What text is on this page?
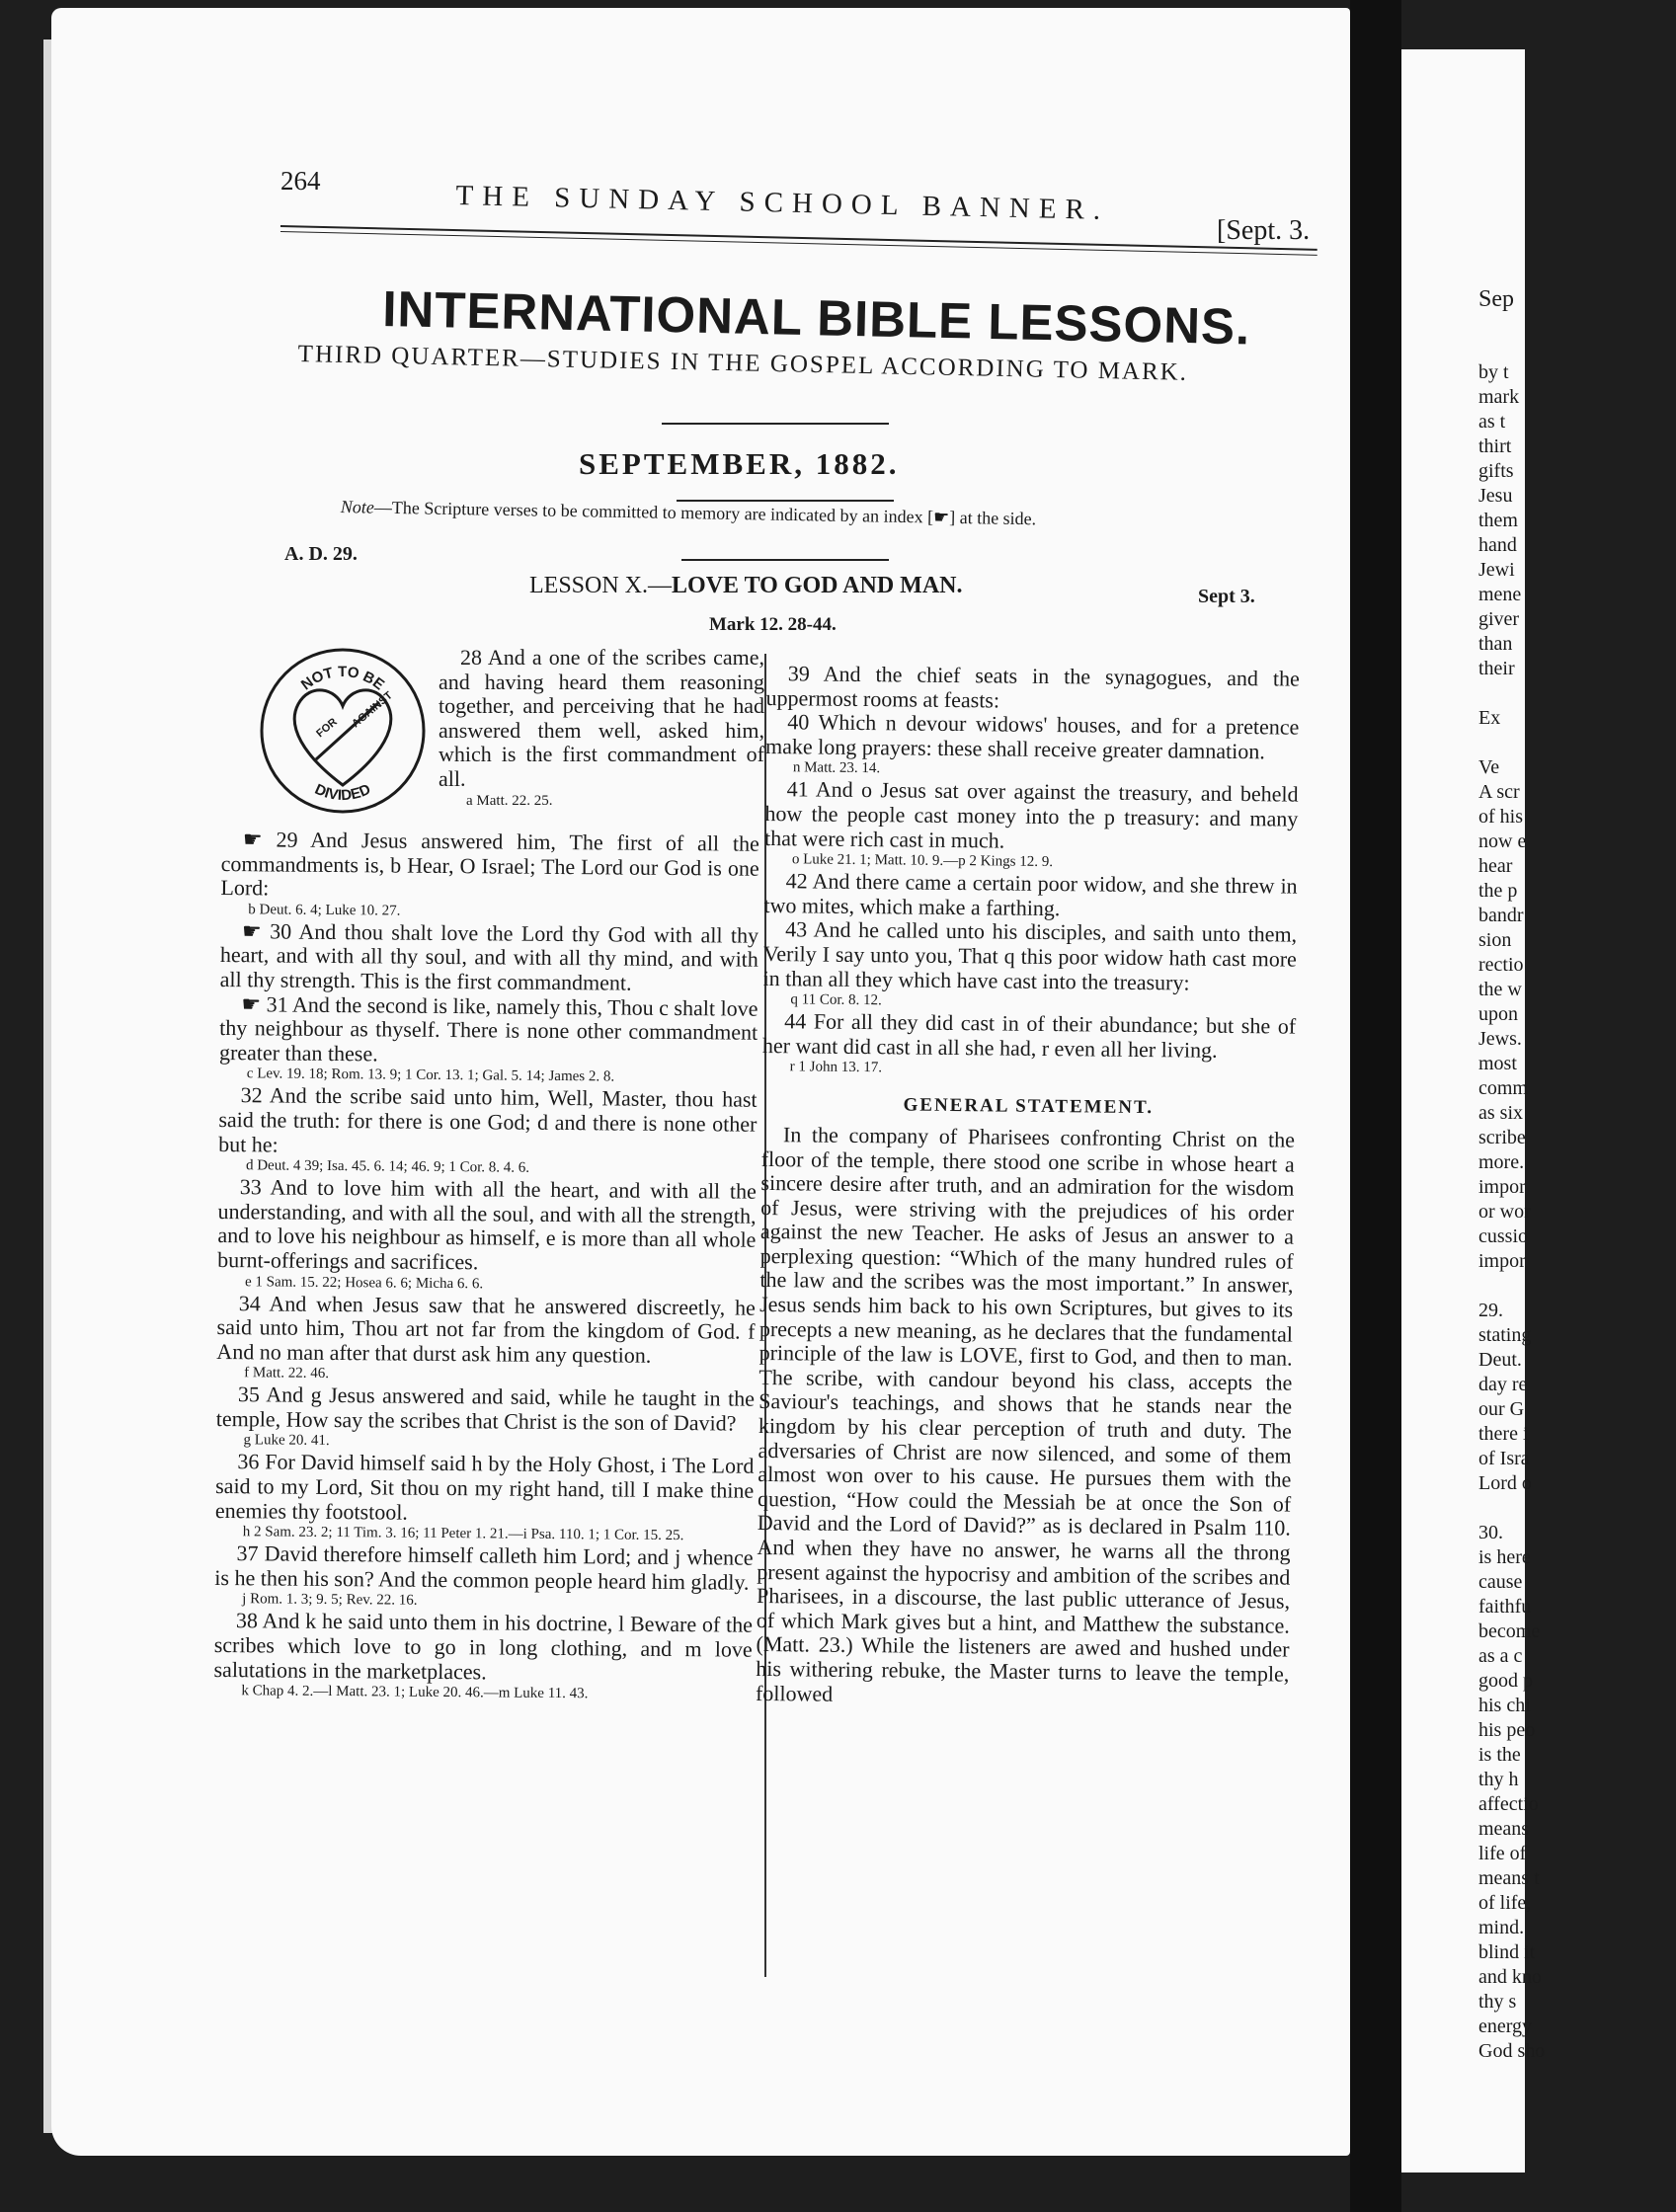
264	THE SUNDAY SCHOOL BANNER.
[Sept. 3.
INTERNATIONAL BIBLE LESSONS.
THIRD QUARTER—STUDIES IN THE GOSPEL ACCORDING TO MARK.
SEPTEMBER, 1882.
Note—The Scripture verses to be committed to memory are indicated by an index [☛] at the side.
A. D. 29.
LESSON X.—LOVE TO GOD AND MAN.	Sept 3.
Mark 12. 28-44.
NOT TO BE
DIVIDED
FOR AGAINST

28 And a one of the scribes came, and having heard them reasoning together, and perceiving that he had answered them well, asked him, which is the first commandment of all.

a Matt. 22. 25.

☛ 29 And Jesus answered him, The first of all the commandments is, b Hear, O Israel; The Lord our God is one Lord:

b Deut. 6. 4; Luke 10. 27.

☛ 30 And thou shalt love the Lord thy God with all thy heart, and with all thy soul, and with all thy mind, and with all thy strength. This is the first commandment.

☛ 31 And the second is like, namely this, Thou c shalt love thy neighbour as thyself. There is none other commandment greater than these.

c Lev. 19. 18; Rom. 13. 9; 1 Cor. 13. 1; Gal. 5. 14; James 2. 8.

32 And the scribe said unto him, Well, Master, thou hast said the truth: for there is one God; d and there is none other but he:

d Deut. 4 39; Isa. 45. 6. 14; 46. 9; 1 Cor. 8. 4. 6.

33 And to love him with all the heart, and with all the understanding, and with all the soul, and with all the strength, and to love his neighbour as himself, e is more than all whole burnt-offerings and sacrifices.

e 1 Sam. 15. 22; Hosea 6. 6; Micha 6. 6.

34 And when Jesus saw that he answered discreetly, he said unto him, Thou art not far from the kingdom of God. f And no man after that durst ask him any question.

f Matt. 22. 46.

35 And g Jesus answered and said, while he taught in the temple, How say the scribes that Christ is the son of David?

g Luke 20. 41.

36 For David himself said h by the Holy Ghost, i The Lord said to my Lord, Sit thou on my right hand, till I make thine enemies thy footstool.

h 2 Sam. 23. 2; 11 Tim. 3. 16; 11 Peter 1. 21.—i Psa. 110. 1; 1 Cor. 15. 25.

37 David therefore himself calleth him Lord; and j whence is he then his son? And the common people heard him gladly.

j Rom. 1. 3; 9. 5; Rev. 22. 16.

38 And k he said unto them in his doctrine, l Beware of the scribes which love to go in long clothing, and m love salutations in the marketplaces.

k Chap 4. 2.—l Matt. 23. 1; Luke 20. 46.—m Luke 11. 43.

39 And the chief seats in the synagogues, and the uppermost rooms at feasts:

40 Which n devour widows' houses, and for a pretence make long prayers: these shall receive greater damnation.

n Matt. 23. 14.

41 And o Jesus sat over against the treasury, and beheld how the people cast money into the p treasury: and many that were rich cast in much.

o Luke 21. 1; Matt. 10. 9.—p 2 Kings 12. 9.

42 And there came a certain poor widow, and she threw in two mites, which make a farthing.

43 And he called unto his disciples, and saith unto them, Verily I say unto you, That q this poor widow hath cast more in than all they which have cast into the treasury:

q 11 Cor. 8. 12.

44 For all they did cast in of their abundance; but she of her want did cast in all she had, r even all her living.

r 1 John 13. 17.

GENERAL STATEMENT.

In the company of Pharisees confronting Christ on the floor of the temple, there stood one scribe in whose heart a sincere desire after truth, and an admiration for the wisdom of Jesus, were striving with the prejudices of his order against the new Teacher. He asks of Jesus an answer to a perplexing question: “Which of the many hundred rules of the law and the scribes was the most important.” In answer, Jesus sends him back to his own Scriptures, but gives to its precepts a new meaning, as he declares that the fundamental principle of the law is LOVE, first to God, and then to man. The scribe, with candour beyond his class, accepts the Saviour's teachings, and shows that he stands near the kingdom by his clear perception of truth and duty. The adversaries of Christ are now silenced, and some of them almost won over to his cause. He pursues them with the question, “How could the Messiah be at once the Son of David and the Lord of David?” as is declared in Psalm 110. And when they have no answer, he warns all the throng present against the hypocrisy and ambition of the scribes and Pharisees, in a discourse, the last public utterance of Jesus, of which Mark gives but a hint, and Matthew the substance. (Matt. 23.) While the listeners are awed and hushed under his withering rebuke, the Master turns to leave the temple, followed

Sep
by t
mark
as t
thirt
gifts
Jesu
them
hand
Jewi
mene
giver
than
their
Ex
Ve
A scr
of his
now e
hear
the p
bandr
sion
rectio
the w
upon
Jews.
most
comm
as six
scribe
more.
impor
or wor
cussio
impor
29.
stating
Deut.
day re
our G
there i
of Isra
Lord o
30.
is here
cause
faithfu
become
as a c
good p
his chi
his peo
is the
thy h
affectio
means
life of
means t
of life,
mind.
blind it
and kno
thy s
energy
God sho
